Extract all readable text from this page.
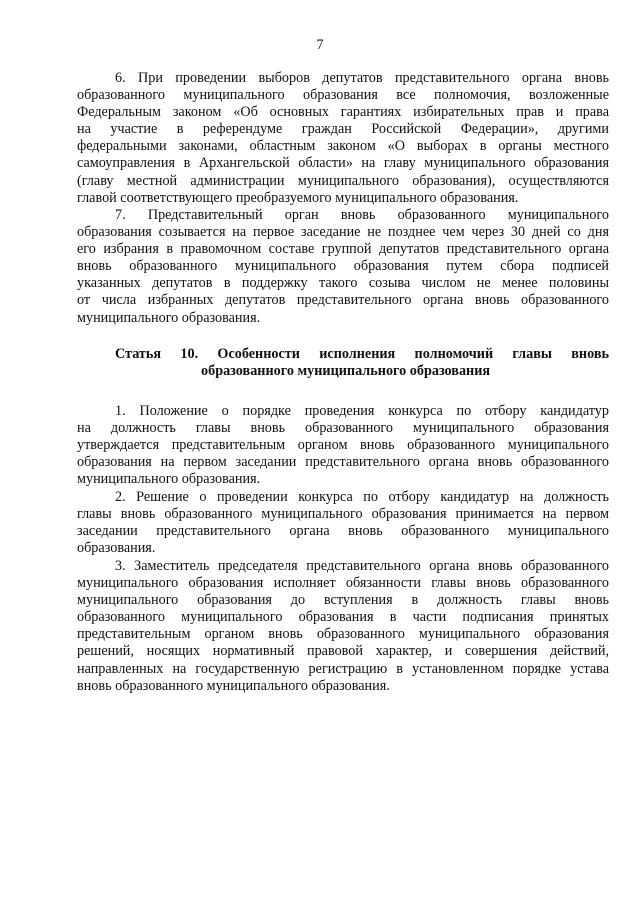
7
6. При проведении выборов депутатов представительного органа вновь
образованного муниципального образования все полномочия, возложенные
Федеральным законом «Об основных гарантиях избирательных прав и права
на участие в референдуме граждан Российской Федерации», другими
федеральными законами, областным законом «О выборах в органы местного
самоуправления в Архангельской области» на главу муниципального образования
(главу местной администрации муниципального образования), осуществляются
главой соответствующего преобразуемого муниципального образования.
7. Представительный орган вновь образованного муниципального
образования созывается на первое заседание не позднее чем через 30 дней со дня
его избрания в правомочном составе группой депутатов представительного органа
вновь образованного муниципального образования путем сбора подписей
указанных депутатов в поддержку такого созыва числом не менее половины
от числа избранных депутатов представительного органа вновь образованного
муниципального образования.
Статья 10. Особенности исполнения полномочий главы вновь
образованного муниципального образования
1. Положение о порядке проведения конкурса по отбору кандидатур
на должность главы вновь образованного муниципального образования
утверждается представительным органом вновь образованного муниципального
образования на первом заседании представительного органа вновь образованного
муниципального образования.
2. Решение о проведении конкурса по отбору кандидатур на должность
главы вновь образованного муниципального образования принимается на первом
заседании представительного органа вновь образованного муниципального
образования.
3. Заместитель председателя представительного органа вновь образованного
муниципального образования исполняет обязанности главы вновь образованного
муниципального образования до вступления в должность главы вновь
образованного муниципального образования в части подписания принятых
представительным органом вновь образованного муниципального образования
решений, носящих нормативный правовой характер, и совершения действий,
направленных на государственную регистрацию в установленном порядке устава
вновь образованного муниципального образования.
